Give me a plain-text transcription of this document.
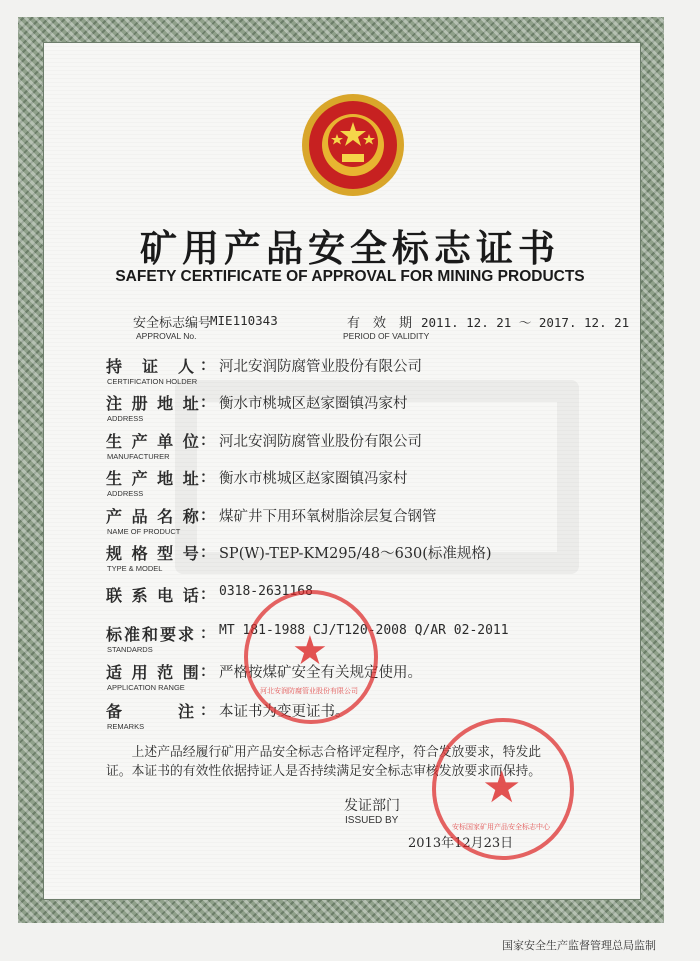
矿用产品安全标志证书
SAFETY CERTIFICATE OF APPROVAL FOR MINING PRODUCTS
安全标志编号
MIE110343
APPROVAL No.
有　效　期 2011. 12. 21 ～ 2017. 12. 21
PERIOD OF VALIDITY
持　证　人 ： 河北安润防腐管业股份有限公司
CERTIFICATION HOLDER
注 册 地 址 ： 衡水市桃城区赵家圈镇冯家村
ADDRESS
生 产 单 位 ： 河北安润防腐管业股份有限公司
MANUFACTURER
生 产 地 址 ： 衡水市桃城区赵家圈镇冯家村
ADDRESS
产 品 名 称 ： 煤矿井下用环氧树脂涂层复合钢管
NAME OF PRODUCT
规 格 型 号 ： SP(W)-TEP-KM295/48～630(标准规格)
TYPE & MODEL
联 系 电 话 ： 0318-2631168
标准和要求 ： MT 181-1988 CJ/T120-2008 Q/AR 02-2011
STANDARDS
适 用 范 围 ： 严格按煤矿安全有关规定使用。
APPLICATION RANGE
备　　　注 ： 本证书为变更证书。
REMARKS
　　上述产品经履行矿用产品安全标志合格评定程序，符合发放要求，特发此
证。本证书的有效性依据持证人是否持续满足安全标志审核发放要求而保持。
发证部门
ISSUED BY
2013年12月23日
★
河北安润防腐管业股份有限公司
★
安标国家矿用产品安全标志中心
国家安全生产监督管理总局监制
